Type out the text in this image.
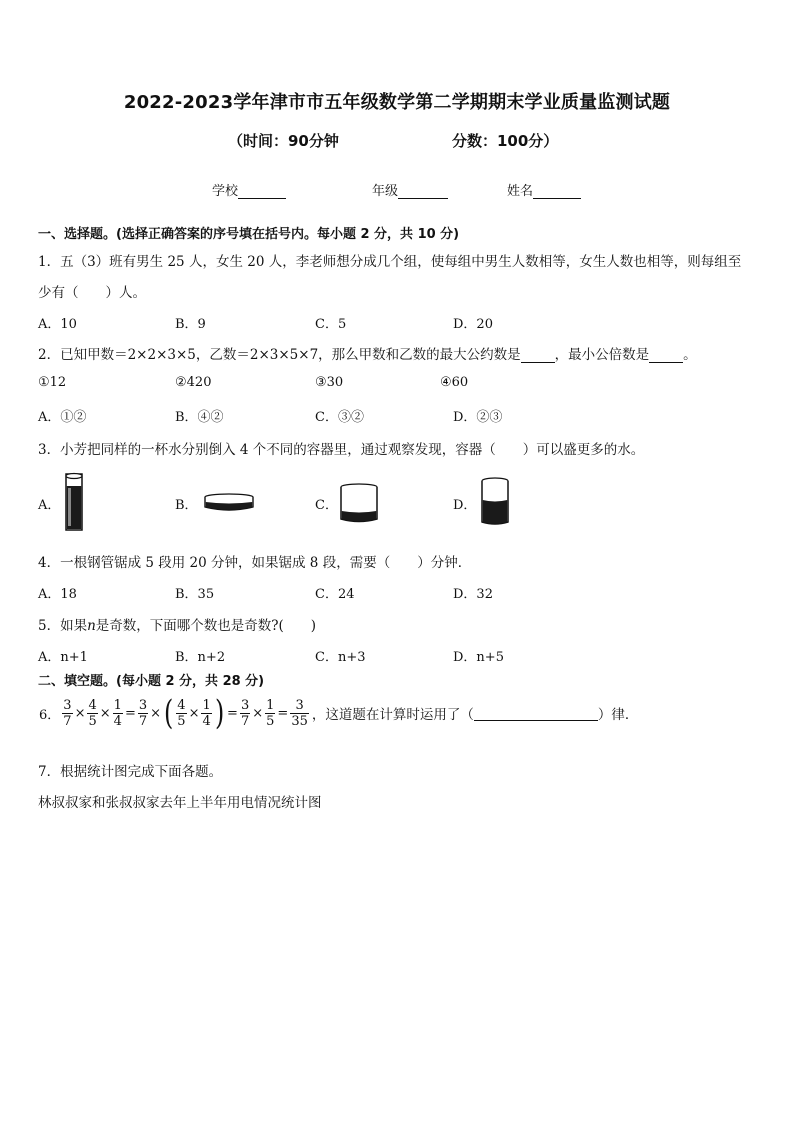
2022-2023学年津市市五年级数学第二学期期末学业质量监测试题
（时间：90分钟	分数：100分）
学校	年级	姓名
一、选择题。(选择正确答案的序号填在括号内。每小题 2 分，共 10 分)
1．五（3）班有男生 25 人，女生 20 人，李老师想分成几个组，使每组中男生人数相等，女生人数也相等，则每组至
少有（　　）人。
A．10	B．9	C．5	D．20
2．已知甲数＝2×2×3×5，乙数＝2×3×5×7，那么甲数和乙数的最大公约数是	，最小公倍数是	。
①12	②420	③30	④60
A．①②	B．④②	C．③②	D．②③
3．小芳把同样的一杯水分别倒入 4 个不同的容器里，通过观察发现，容器（　　）可以盛更多的水。
A．	B．	C．	D．
4．一根钢管锯成 5 段用 20 分钟，如果锯成 8 段，需要（　　）分钟．
A．18	B．35	C．24	D．32
5．如果n是奇数，下面哪个数也是奇数?(　　)
A．n+1	B．n+2	C．n+3	D．n+5
二、填空题。(每小题 2 分，共 28 分)
6． $\frac{3}{7} \times \frac{4}{5} \times \frac{1}{4} = \frac{3}{7}$ × ( $\frac{4}{5} \times \frac{1}{4}$ ) = $\frac{3}{7} \times \frac{1}{5} = \frac{3}{35}$ ，这道题在计算时运用了（	）律．
7．根据统计图完成下面各题。
林叔叔家和张叔叔家去年上半年用电情况统计图
